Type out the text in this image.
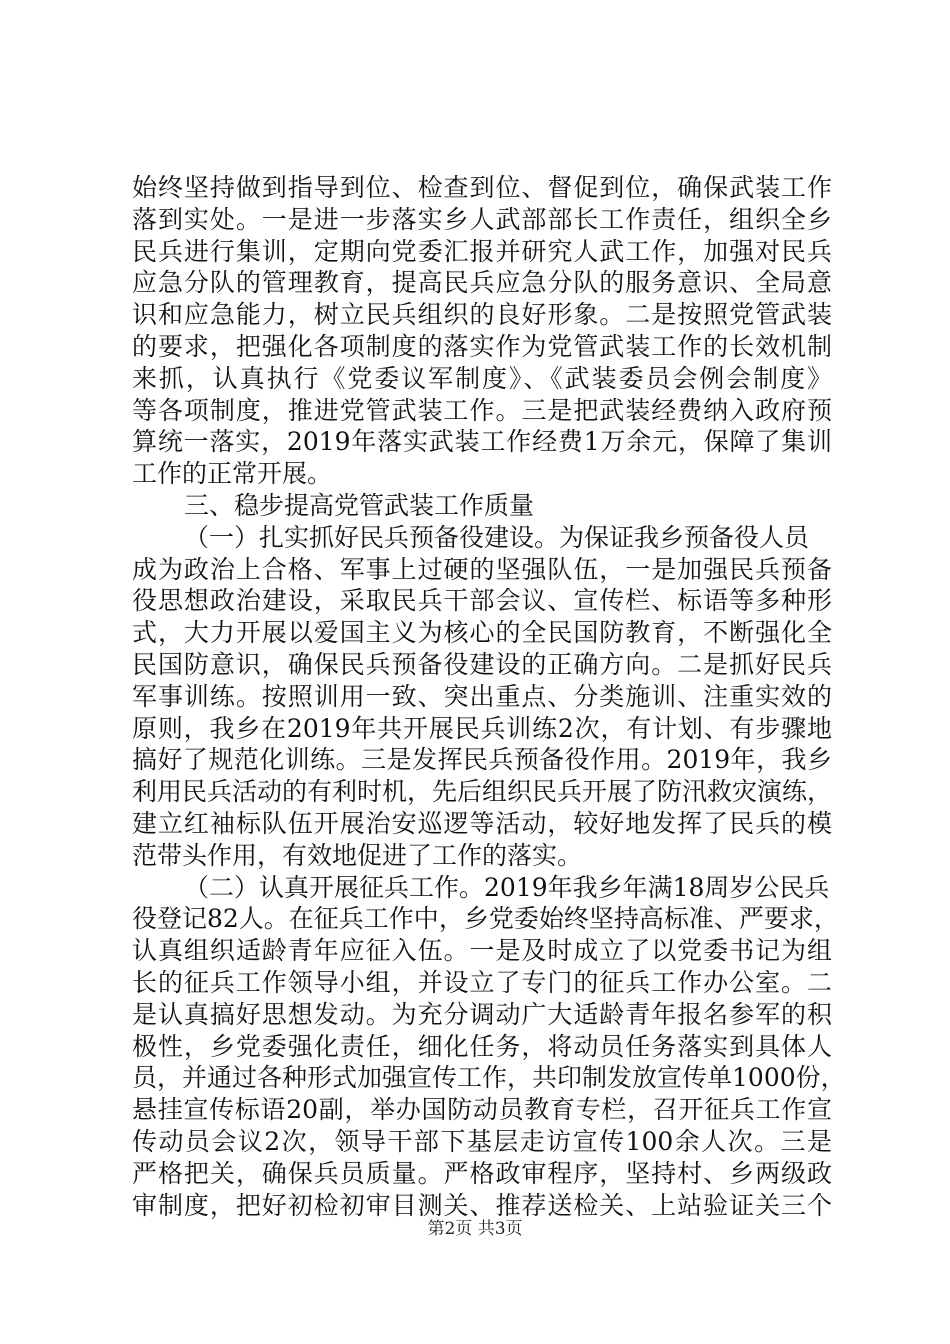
始终坚持做到指导到位、检查到位、督促到位，确保武装工作
落到实处。一是进一步落实乡人武部部长工作责任，组织全乡
民兵进行集训，定期向党委汇报并研究人武工作，加强对民兵
应急分队的管理教育，提高民兵应急分队的服务意识、全局意
识和应急能力，树立民兵组织的良好形象。二是按照党管武装
的要求，把强化各项制度的落实作为党管武装工作的长效机制
来抓，认真执行《党委议军制度》、《武装委员会例会制度》
等各项制度，推进党管武装工作。三是把武装经费纳入政府预
算统一落实，2019年落实武装工作经费1万余元，保障了集训
工作的正常开展。
三、稳步提高党管武装工作质量
（一）扎实抓好民兵预备役建设。为保证我乡预备役人员
成为政治上合格、军事上过硬的坚强队伍，一是加强民兵预备
役思想政治建设，采取民兵干部会议、宣传栏、标语等多种形
式，大力开展以爱国主义为核心的全民国防教育，不断强化全
民国防意识，确保民兵预备役建设的正确方向。二是抓好民兵
军事训练。按照训用一致、突出重点、分类施训、注重实效的
原则，我乡在2019年共开展民兵训练2次，有计划、有步骤地
搞好了规范化训练。三是发挥民兵预备役作用。2019年，我乡
利用民兵活动的有利时机，先后组织民兵开展了防汛救灾演练，
建立红袖标队伍开展治安巡逻等活动，较好地发挥了民兵的模
范带头作用，有效地促进了工作的落实。
（二）认真开展征兵工作。2019年我乡年满18周岁公民兵
役登记82人。在征兵工作中，乡党委始终坚持高标准、严要求，
认真组织适龄青年应征入伍。一是及时成立了以党委书记为组
长的征兵工作领导小组，并设立了专门的征兵工作办公室。二
是认真搞好思想发动。为充分调动广大适龄青年报名参军的积
极性，乡党委强化责任，细化任务，将动员任务落实到具体人
员，并通过各种形式加强宣传工作，共印制发放宣传单1000份，
悬挂宣传标语20副，举办国防动员教育专栏，召开征兵工作宣
传动员会议2次，领导干部下基层走访宣传100余人次。三是
严格把关，确保兵员质量。严格政审程序，坚持村、乡两级政
审制度，把好初检初审目测关、推荐送检关、上站验证关三个
第2页 共3页
